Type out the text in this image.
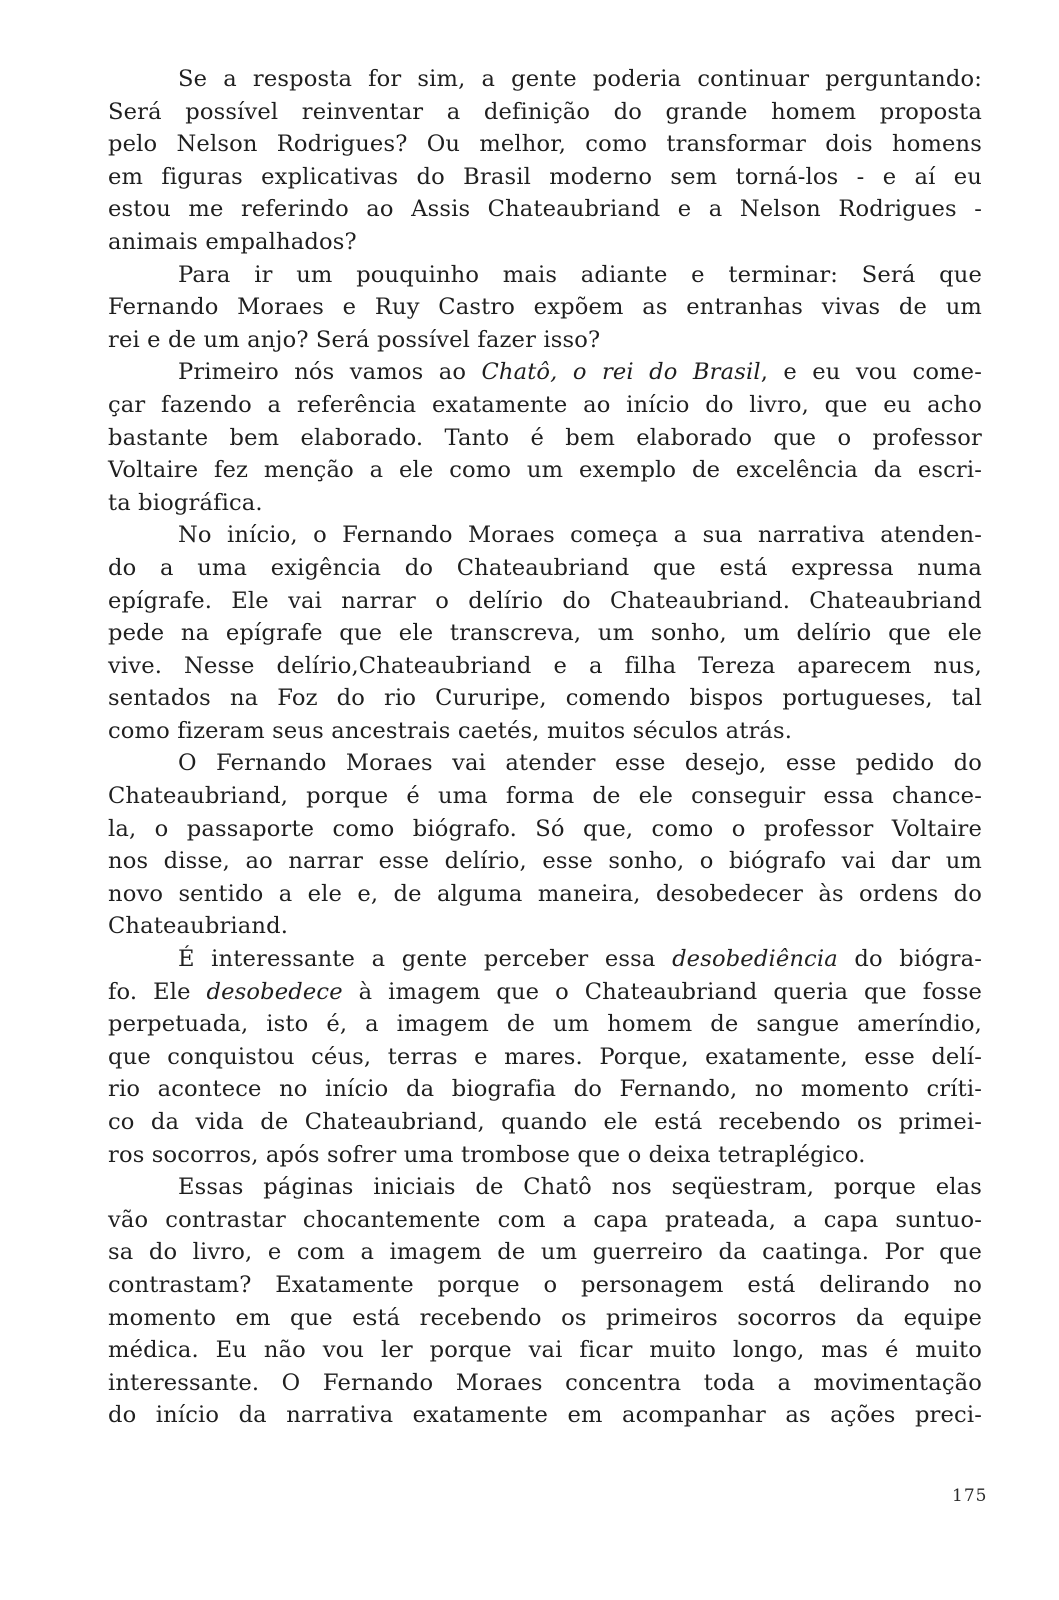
Se a resposta for sim, a gente poderia continuar perguntando:
Será possível reinventar a definição do grande homem proposta
pelo Nelson Rodrigues? Ou melhor, como transformar dois homens
em figuras explicativas do Brasil moderno sem torná-los - e aí eu
estou me referindo ao Assis Chateaubriand e a Nelson Rodrigues -
animais empalhados?

Para ir um pouquinho mais adiante e terminar: Será que
Fernando Moraes e Ruy Castro expõem as entranhas vivas de um
rei e de um anjo? Será possível fazer isso?

Primeiro nós vamos ao Chatô, o rei do Brasil, e eu vou come-
çar fazendo a referência exatamente ao início do livro, que eu acho
bastante bem elaborado. Tanto é bem elaborado que o professor
Voltaire fez menção a ele como um exemplo de excelência da escri-
ta biográfica.

No início, o Fernando Moraes começa a sua narrativa atenden-
do a uma exigência do Chateaubriand que está expressa numa
epígrafe. Ele vai narrar o delírio do Chateaubriand. Chateaubriand
pede na epígrafe que ele transcreva, um sonho, um delírio que ele
vive. Nesse delírio,Chateaubriand e a filha Tereza aparecem nus,
sentados na Foz do rio Cururipe, comendo bispos portugueses, tal
como fizeram seus ancestrais caetés, muitos séculos atrás.

O Fernando Moraes vai atender esse desejo, esse pedido do
Chateaubriand, porque é uma forma de ele conseguir essa chance-
la, o passaporte como biógrafo. Só que, como o professor Voltaire
nos disse, ao narrar esse delírio, esse sonho, o biógrafo vai dar um
novo sentido a ele e, de alguma maneira, desobedecer às ordens do
Chateaubriand.

É interessante a gente perceber essa desobediência do biógra-
fo. Ele desobedece à imagem que o Chateaubriand queria que fosse
perpetuada, isto é, a imagem de um homem de sangue ameríndio,
que conquistou céus, terras e mares. Porque, exatamente, esse delí-
rio acontece no início da biografia do Fernando, no momento críti-
co da vida de Chateaubriand, quando ele está recebendo os primei-
ros socorros, após sofrer uma trombose que o deixa tetraplégico.

Essas páginas iniciais de Chatô nos seqüestram, porque elas
vão contrastar chocantemente com a capa prateada, a capa suntuo-
sa do livro, e com a imagem de um guerreiro da caatinga. Por que
contrastam? Exatamente porque o personagem está delirando no
momento em que está recebendo os primeiros socorros da equipe
médica. Eu não vou ler porque vai ficar muito longo, mas é muito
interessante. O Fernando Moraes concentra toda a movimentação
do início da narrativa exatamente em acompanhar as ações preci-

175
